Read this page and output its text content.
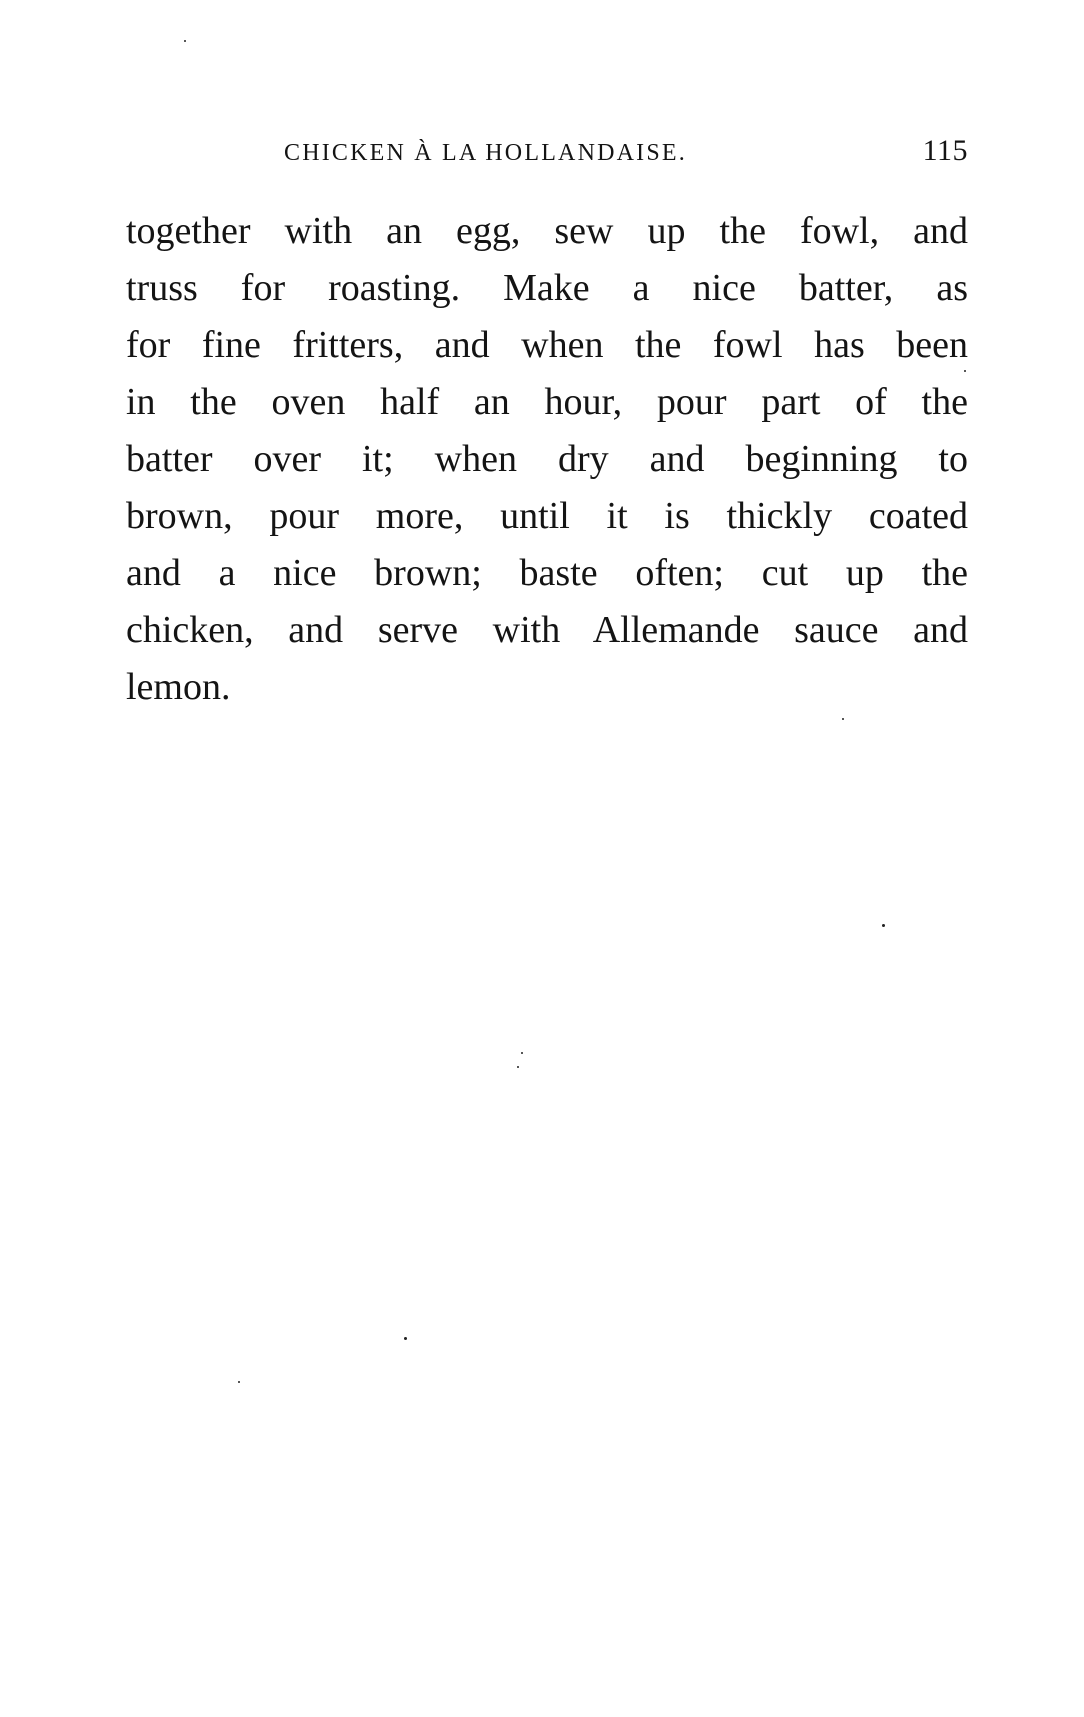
CHICKEN À LA HOLLANDAISE.	115
together with an egg, sew up the fowl, and
truss for roasting. Make a nice batter, as
for fine fritters, and when the fowl has been
in the oven half an hour, pour part of the
batter over it; when dry and beginning to
brown, pour more, until it is thickly coated
and a nice brown; baste often; cut up the
chicken, and serve with Allemande sauce and
lemon.
